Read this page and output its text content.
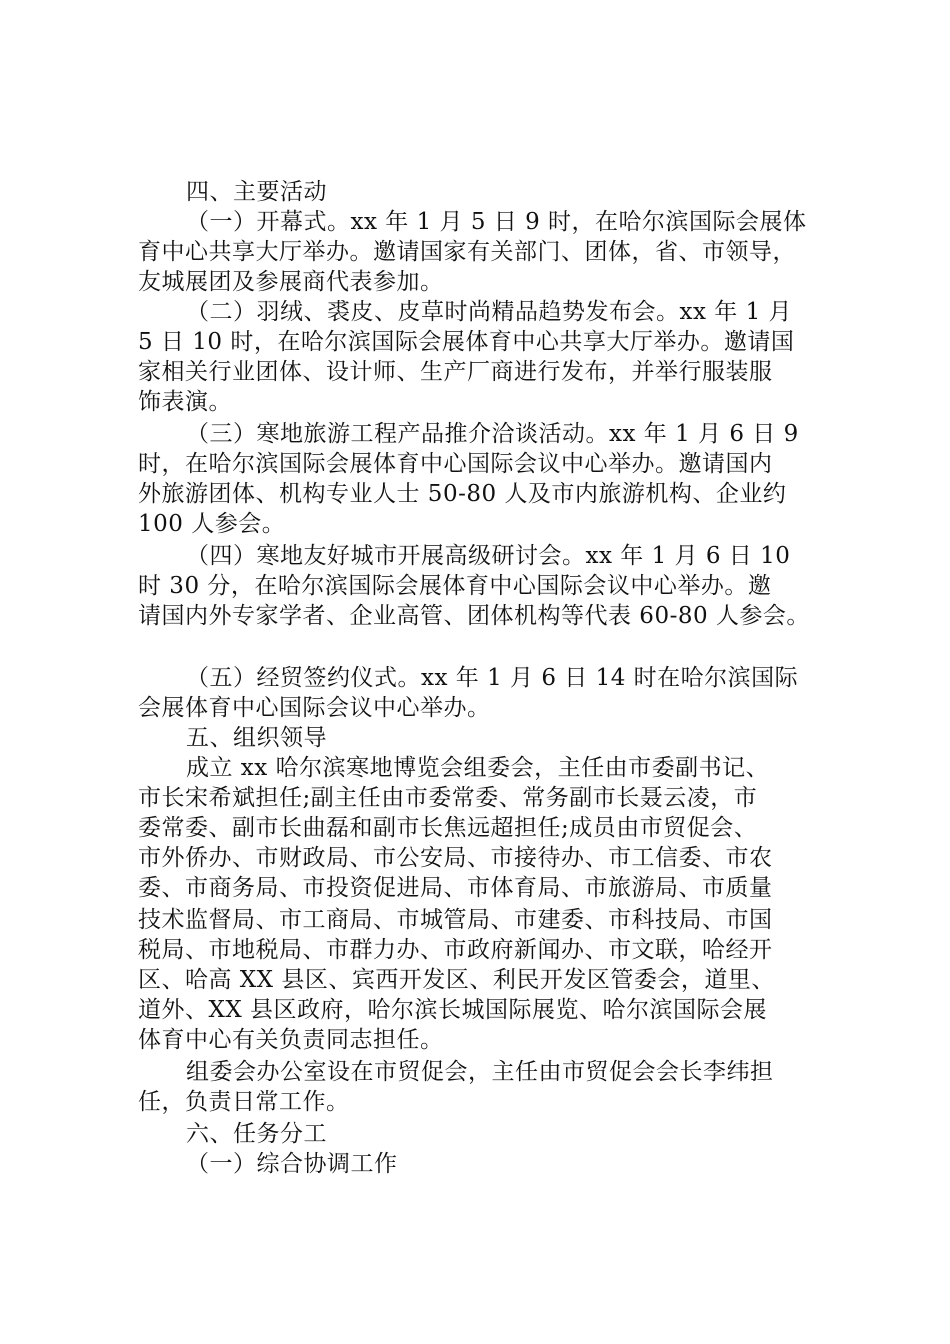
四、主要活动
（一）开幕式。xx 年 1 月 5 日 9 时，在哈尔滨国际会展体
育中心共享大厅举办。邀请国家有关部门、团体，省、市领导，
友城展团及参展商代表参加。
（二）羽绒、裘皮、皮草时尚精品趋势发布会。xx 年 1 月
5 日 10 时，在哈尔滨国际会展体育中心共享大厅举办。邀请国
家相关行业团体、设计师、生产厂商进行发布，并举行服装服
饰表演。
（三）寒地旅游工程产品推介洽谈活动。xx 年 1 月 6 日 9
时，在哈尔滨国际会展体育中心国际会议中心举办。邀请国内
外旅游团体、机构专业人士 50-80 人及市内旅游机构、企业约
100 人参会。
（四）寒地友好城市开展高级研讨会。xx 年 1 月 6 日 10
时 30 分，在哈尔滨国际会展体育中心国际会议中心举办。邀
请国内外专家学者、企业高管、团体机构等代表 60-80 人参会。
（五）经贸签约仪式。xx 年 1 月 6 日 14 时在哈尔滨国际
会展体育中心国际会议中心举办。
五、组织领导
成立 xx 哈尔滨寒地博览会组委会，主任由市委副书记、
市长宋希斌担任;副主任由市委常委、常务副市长聂云凌，市
委常委、副市长曲磊和副市长焦远超担任;成员由市贸促会、
市外侨办、市财政局、市公安局、市接待办、市工信委、市农
委、市商务局、市投资促进局、市体育局、市旅游局、市质量
技术监督局、市工商局、市城管局、市建委、市科技局、市国
税局、市地税局、市群力办、市政府新闻办、市文联，哈经开
区、哈高 XX 县区、宾西开发区、利民开发区管委会，道里、
道外、XX 县区政府，哈尔滨长城国际展览、哈尔滨国际会展
体育中心有关负责同志担任。
组委会办公室设在市贸促会，主任由市贸促会会长李纬担
任，负责日常工作。
六、任务分工
（一）综合协调工作
